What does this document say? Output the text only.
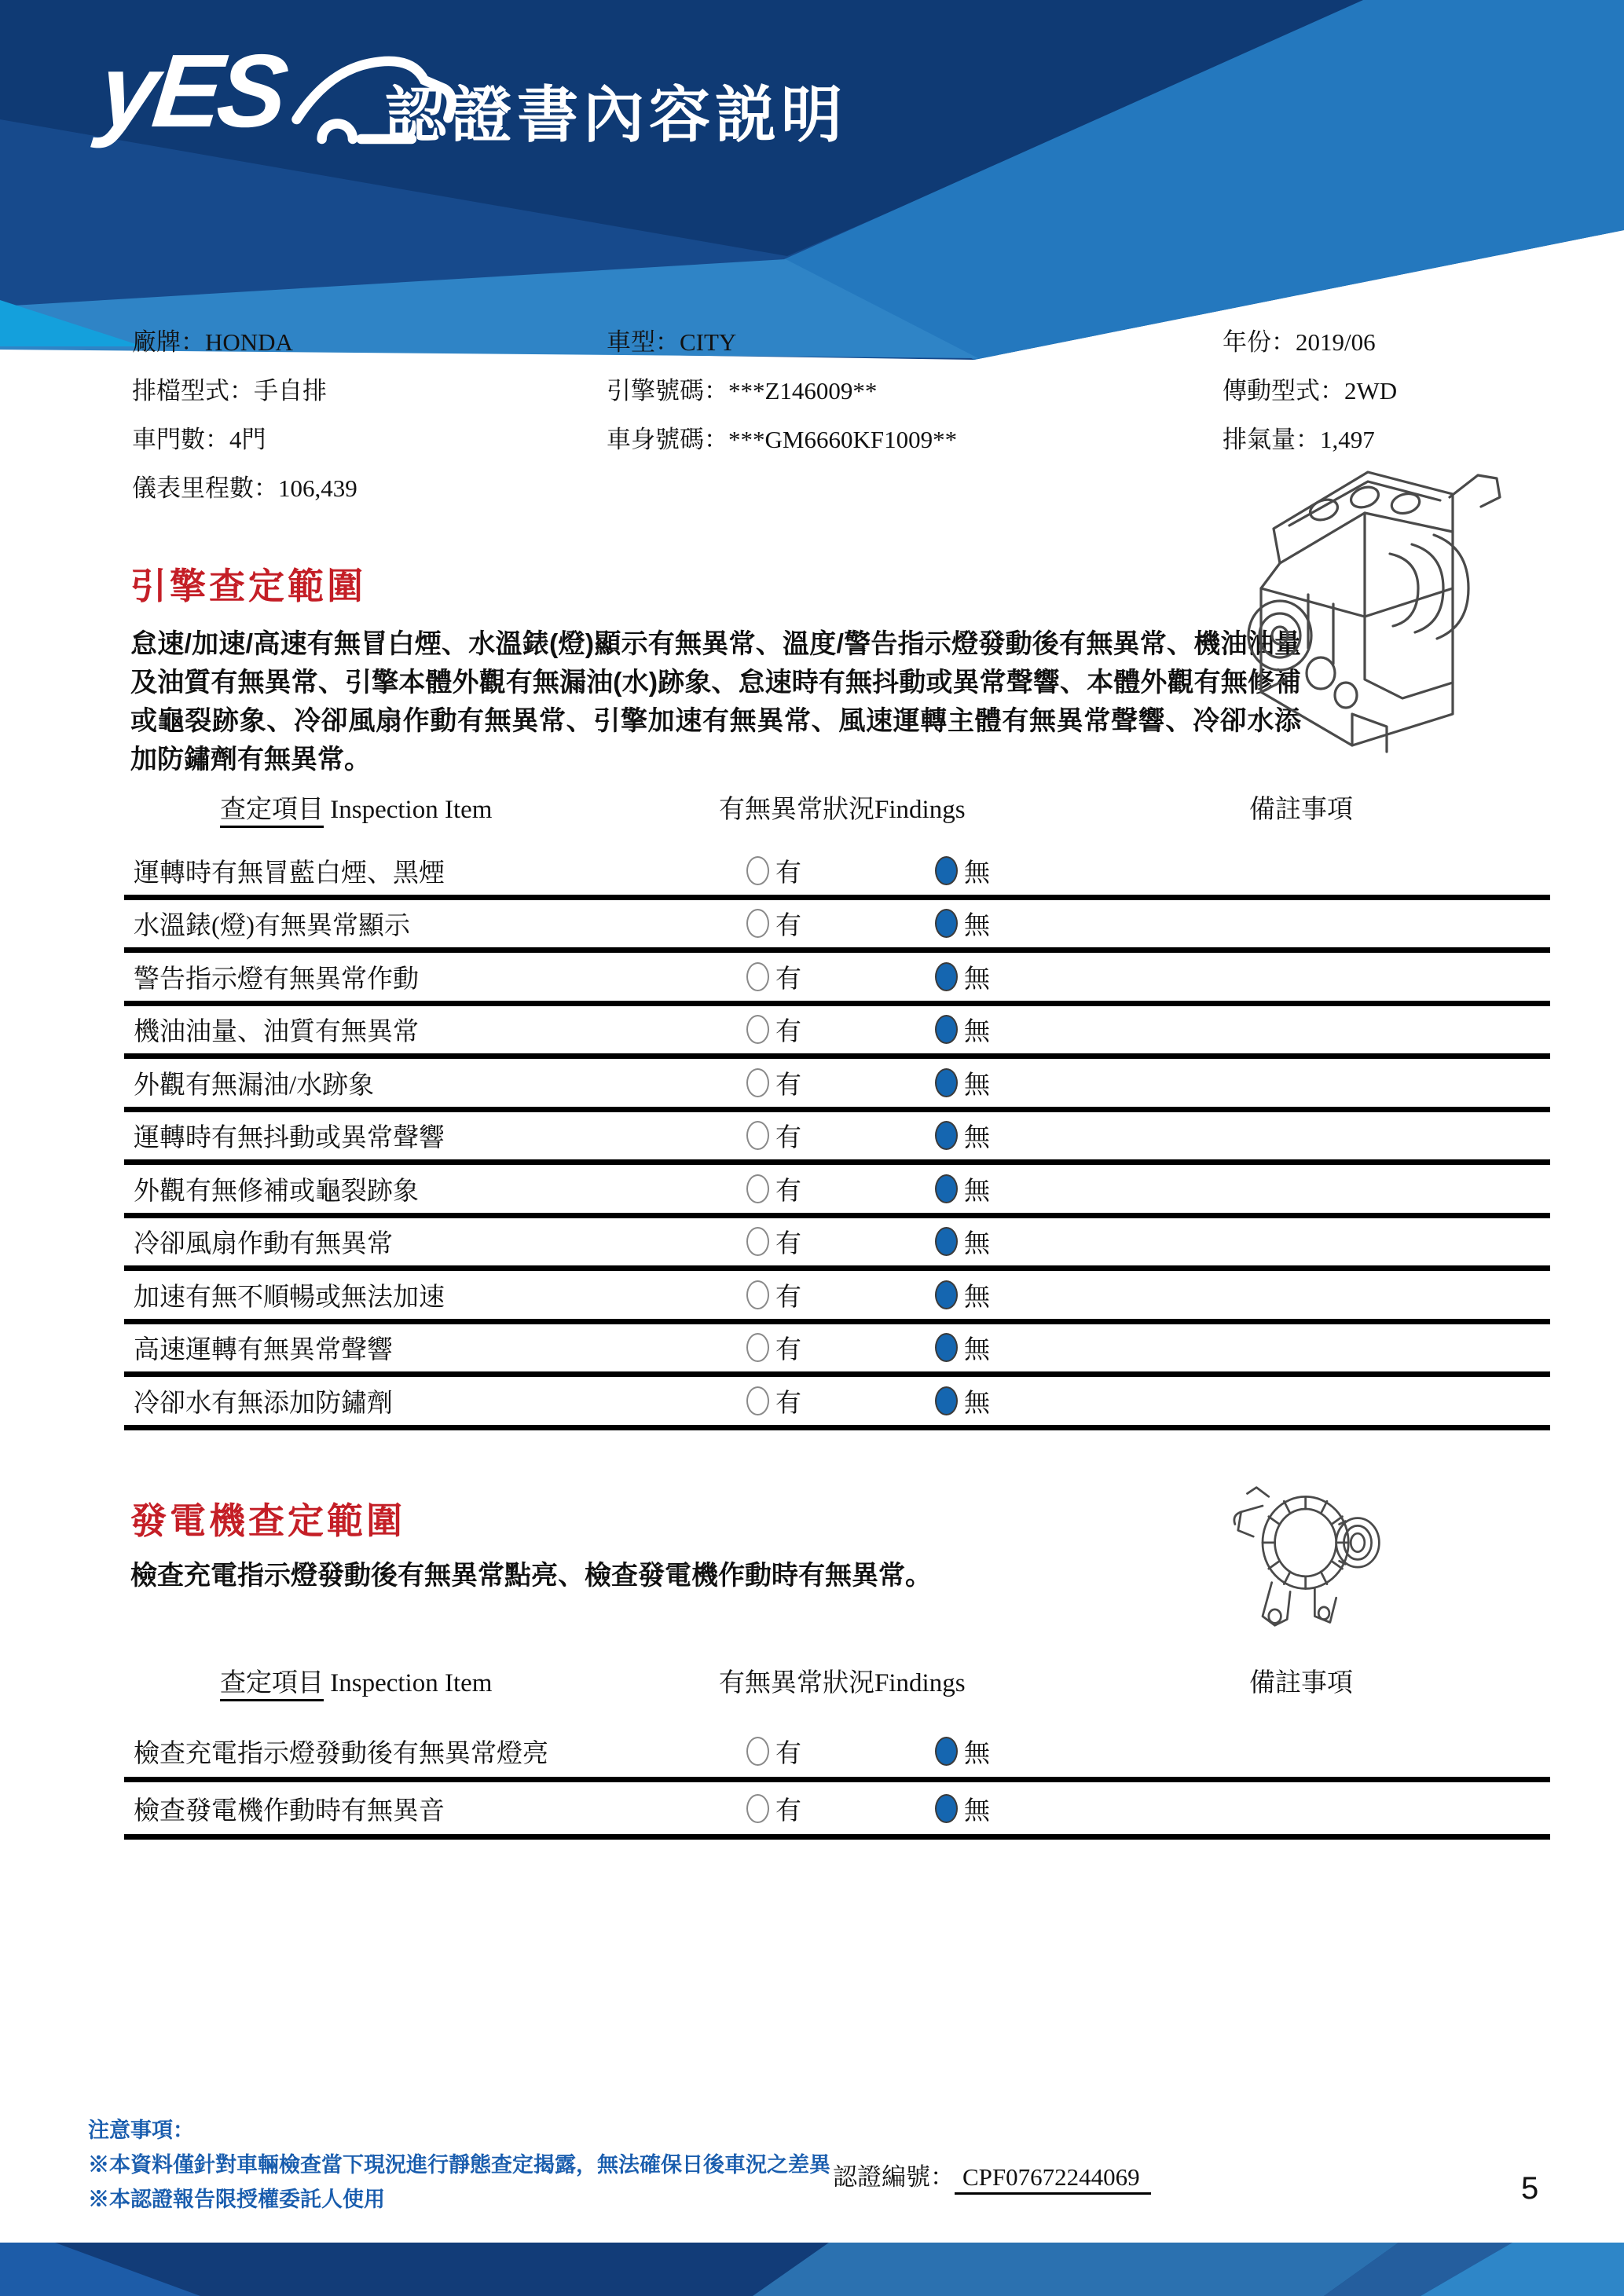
yES 認證書內容説明
廠牌：HONDA
排檔型式：手自排
車門數：4門
儀表里程數：106,439
車型：CITY
引擎號碼：***Z146009**
車身號碼：***GM6660KF1009**
年份：2019/06
傳動型式：2WD
排氣量：1,497
引擎查定範圍
怠速/加速/高速有無冒白煙、水溫錶(燈)顯示有無異常、溫度/警告指示燈發動後有無異常、機油油量及油質有無異常、引擎本體外觀有無漏油(水)跡象、怠速時有無抖動或異常聲響、本體外觀有無修補或龜裂跡象、冷卻風扇作動有無異常、引擎加速有無異常、風速運轉主體有無異常聲響、冷卻水添加防鏽劑有無異常。
查定項目 Inspection Item	有無異常狀況Findings	備註事項
運轉時有無冒藍白煙、黑煙	有	無
水溫錶(燈)有無異常顯示	有	無
警告指示燈有無異常作動	有	無
機油油量、油質有無異常	有	無
外觀有無漏油/水跡象	有	無
運轉時有無抖動或異常聲響	有	無
外觀有無修補或龜裂跡象	有	無
冷卻風扇作動有無異常	有	無
加速有無不順暢或無法加速	有	無
高速運轉有無異常聲響	有	無
冷卻水有無添加防鏽劑	有	無
發電機查定範圍
檢查充電指示燈發動後有無異常點亮、檢查發電機作動時有無異常。
查定項目 Inspection Item	有無異常狀況Findings	備註事項
檢查充電指示燈發動後有無異常燈亮	有	無
檢查發電機作動時有無異音	有	無
注意事項：
※本資料僅針對車輛檢查當下現況進行靜態查定揭露，無法確保日後車況之差異
※本認證報告限授權委託人使用
認證編號： CPF07672244069	5
